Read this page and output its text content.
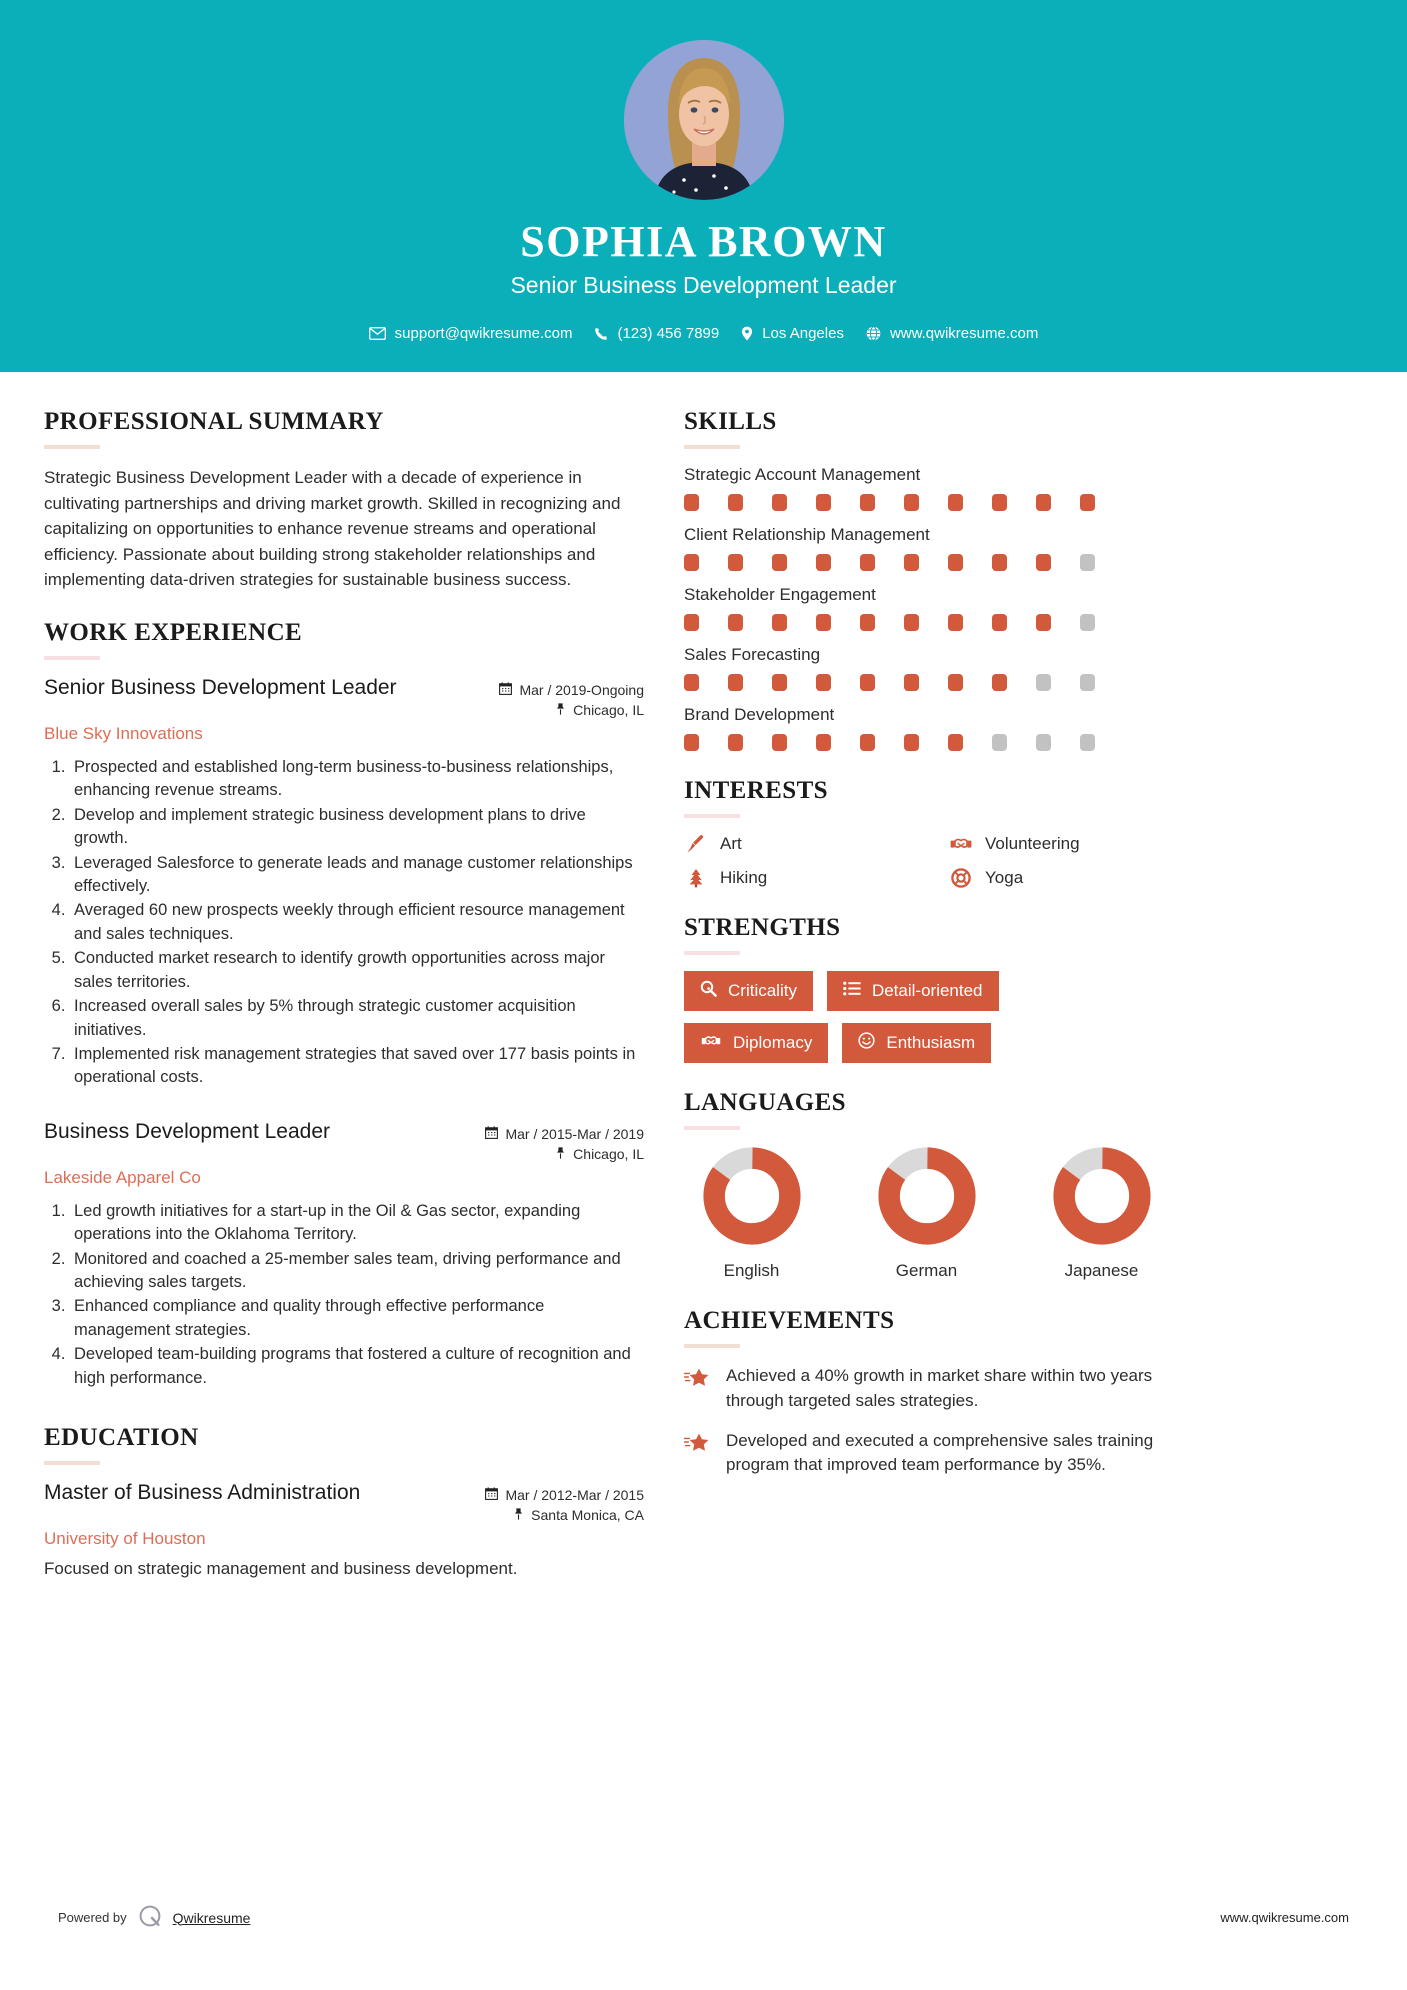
SOPHIA BROWN
Senior Business Development Leader
support@qwikresume.com	(123) 456 7899	Los Angeles	www.qwikresume.com
PROFESSIONAL SUMMARY
Strategic Business Development Leader with a decade of experience in cultivating partnerships and driving market growth. Skilled in recognizing and capitalizing on opportunities to enhance revenue streams and operational efficiency. Passionate about building strong stakeholder relationships and implementing data-driven strategies for sustainable business success.
WORK EXPERIENCE
Senior Business Development Leader	Mar / 2019-Ongoing
Chicago, IL
Blue Sky Innovations
1. Prospected and established long-term business-to-business relationships, enhancing revenue streams.
2. Develop and implement strategic business development plans to drive growth.
3. Leveraged Salesforce to generate leads and manage customer relationships effectively.
4. Averaged 60 new prospects weekly through efficient resource management and sales techniques.
5. Conducted market research to identify growth opportunities across major sales territories.
6. Increased overall sales by 5% through strategic customer acquisition initiatives.
7. Implemented risk management strategies that saved over 177 basis points in operational costs.
Business Development Leader	Mar / 2015-Mar / 2019
Chicago, IL
Lakeside Apparel Co
1. Led growth initiatives for a start-up in the Oil & Gas sector, expanding operations into the Oklahoma Territory.
2. Monitored and coached a 25-member sales team, driving performance and achieving sales targets.
3. Enhanced compliance and quality through effective performance management strategies.
4. Developed team-building programs that fostered a culture of recognition and high performance.
EDUCATION
Master of Business Administration	Mar / 2012-Mar / 2015
Santa Monica, CA
University of Houston
Focused on strategic management and business development.
SKILLS
Strategic Account Management
Client Relationship Management
Stakeholder Engagement
Sales Forecasting
Brand Development
INTERESTS
Art	Volunteering
Hiking	Yoga
STRENGTHS
Criticality	Detail-oriented
Diplomacy	Enthusiasm
LANGUAGES
English	German	Japanese
ACHIEVEMENTS
Achieved a 40% growth in market share within two years through targeted sales strategies.
Developed and executed a comprehensive sales training program that improved team performance by 35%.
Powered by	Qwikresume	www.qwikresume.com
